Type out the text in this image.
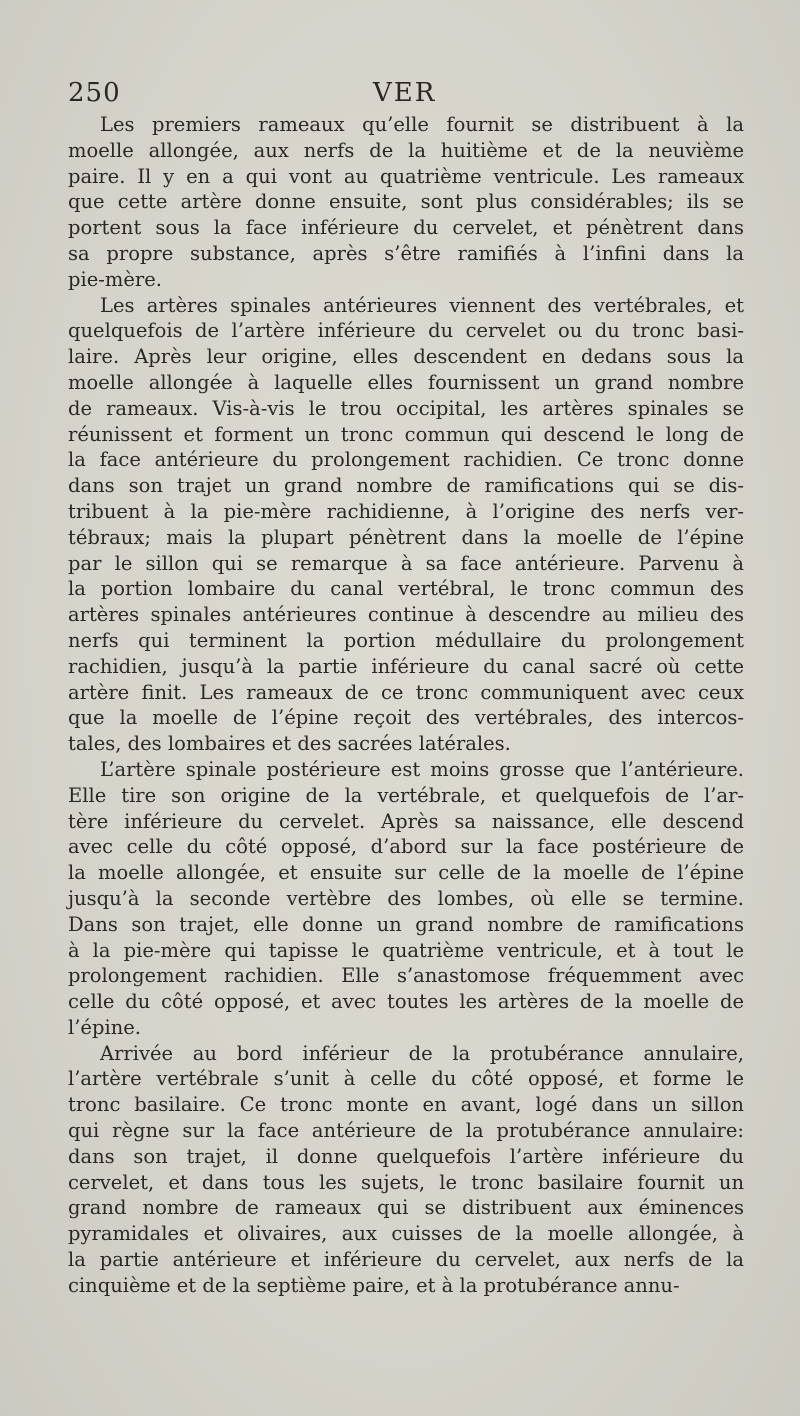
250	VER

Les premiers rameaux qu’elle fournit se distribuent à la
moelle allongée, aux nerfs de la huitième et de la neuvième
paire. Il y en a qui vont au quatrième ventricule. Les rameaux
que cette artère donne ensuite, sont plus considérables; ils se
portent sous la face inférieure du cervelet, et pénètrent dans
sa propre substance, après s’être ramifiés à l’infini dans la
pie-mère.

Les artères spinales antérieures viennent des vertébrales, et
quelquefois de l’artère inférieure du cervelet ou du tronc basi-
laire. Après leur origine, elles descendent en dedans sous la
moelle allongée à laquelle elles fournissent un grand nombre
de rameaux. Vis-à-vis le trou occipital, les artères spinales se
réunissent et forment un tronc commun qui descend le long de
la face antérieure du prolongement rachidien. Ce tronc donne
dans son trajet un grand nombre de ramifications qui se dis-
tribuent à la pie-mère rachidienne, à l’origine des nerfs ver-
tébraux; mais la plupart pénètrent dans la moelle de l’épine
par le sillon qui se remarque à sa face antérieure. Parvenu à
la portion lombaire du canal vertébral, le tronc commun des
artères spinales antérieures continue à descendre au milieu des
nerfs qui terminent la portion médullaire du prolongement
rachidien, jusqu’à la partie inférieure du canal sacré où cette
artère finit. Les rameaux de ce tronc communiquent avec ceux
que la moelle de l’épine reçoit des vertébrales, des intercos-
tales, des lombaires et des sacrées latérales.

L’artère spinale postérieure est moins grosse que l’antérieure.
Elle tire son origine de la vertébrale, et quelquefois de l’ar-
tère inférieure du cervelet. Après sa naissance, elle descend
avec celle du côté opposé, d’abord sur la face postérieure de
la moelle allongée, et ensuite sur celle de la moelle de l’épine
jusqu’à la seconde vertèbre des lombes, où elle se termine.
Dans son trajet, elle donne un grand nombre de ramifications
à la pie-mère qui tapisse le quatrième ventricule, et à tout le
prolongement rachidien. Elle s’anastomose fréquemment avec
celle du côté opposé, et avec toutes les artères de la moelle de
l’épine.

Arrivée au bord inférieur de la protubérance annulaire,
l’artère vertébrale s’unit à celle du côté opposé, et forme le
tronc basilaire. Ce tronc monte en avant, logé dans un sillon
qui règne sur la face antérieure de la protubérance annulaire:
dans son trajet, il donne quelquefois l’artère inférieure du
cervelet, et dans tous les sujets, le tronc basilaire fournit un
grand nombre de rameaux qui se distribuent aux éminences
pyramidales et olivaires, aux cuisses de la moelle allongée, à
la partie antérieure et inférieure du cervelet, aux nerfs de la
cinquième et de la septième paire, et à la protubérance annu-
